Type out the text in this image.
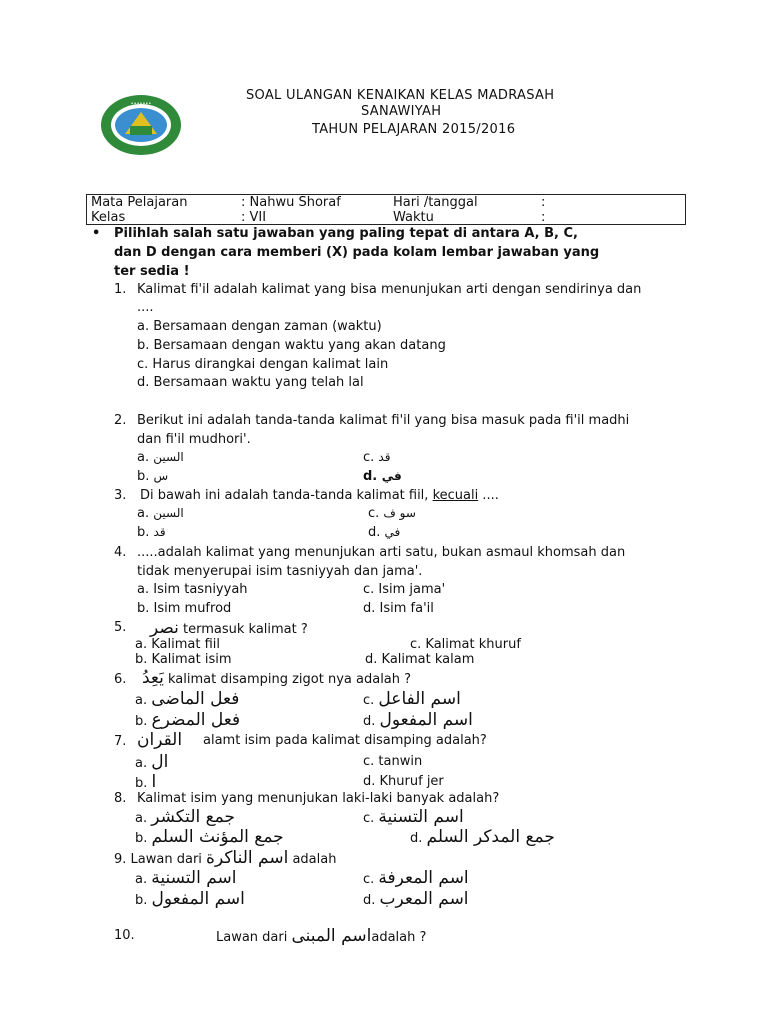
•••••••
SOAL ULANGAN KENAIKAN KELAS MADRASAH
SANAWIYAH
TAHUN PELAJARAN 2015/2016
Mata Pelajaran	: Nahwu Shoraf	Hari /tanggal	:
Kelas	: VII	Waktu	:
• Pilihlah salah satu jawaban yang paling tepat di antara A, B, C,
dan D dengan cara memberi (X) pada kolam lembar jawaban yang
ter sedia !
1. Kalimat fi'il adalah kalimat yang bisa menunjukan arti dengan sendirinya dan
....
a. Bersamaan dengan zaman (waktu)
b. Bersamaan dengan waktu yang akan datang
c. Harus dirangkai dengan kalimat lain
d. Bersamaan waktu yang telah lal
2. Berikut ini adalah tanda-tanda kalimat fi'il yang bisa masuk pada fi'il madhi
dan fi'il mudhori'.
a. السين	c. قد
b. س	d. في
3. Di bawah ini adalah tanda-tanda kalimat fiil, kecuali ....
a. السين	c. سو ف
b. قد	d. في
4. .....adalah kalimat yang menunjukan arti satu, bukan asmaul khomsah dan
tidak menyerupai isim tasniyyah dan jama'.
a. Isim tasniyyah	c. Isim jama'
b. Isim mufrod	d. Isim fa'il
5. نصر termasuk kalimat ?
a. Kalimat fiil	c. Kalimat khuruf
b. Kalimat isim	d. Kalimat kalam
6. يَعِدُ kalimat disamping zigot nya adalah ?
a. فعل الماضى	c. اسم الفاعل
b. فعل المضرع	d. اسم المفعول
7. القران alamt isim pada kalimat disamping adalah?
a. ال	c. tanwin
b. ا	d. Khuruf jer
8. Kalimat isim yang menunjukan laki-laki banyak adalah?
a. جمع التكشر	c. اسم التسنية
b. جمع المؤنث السلم	d. جمع المدكر السلم
9. Lawan dari اسم الناكرة adalah
a. اسم التسنية	c. اسم المعرفة
b. اسم المفعول	d. اسم المعرب
10.	Lawan dari اسم المبنىadalah ?
